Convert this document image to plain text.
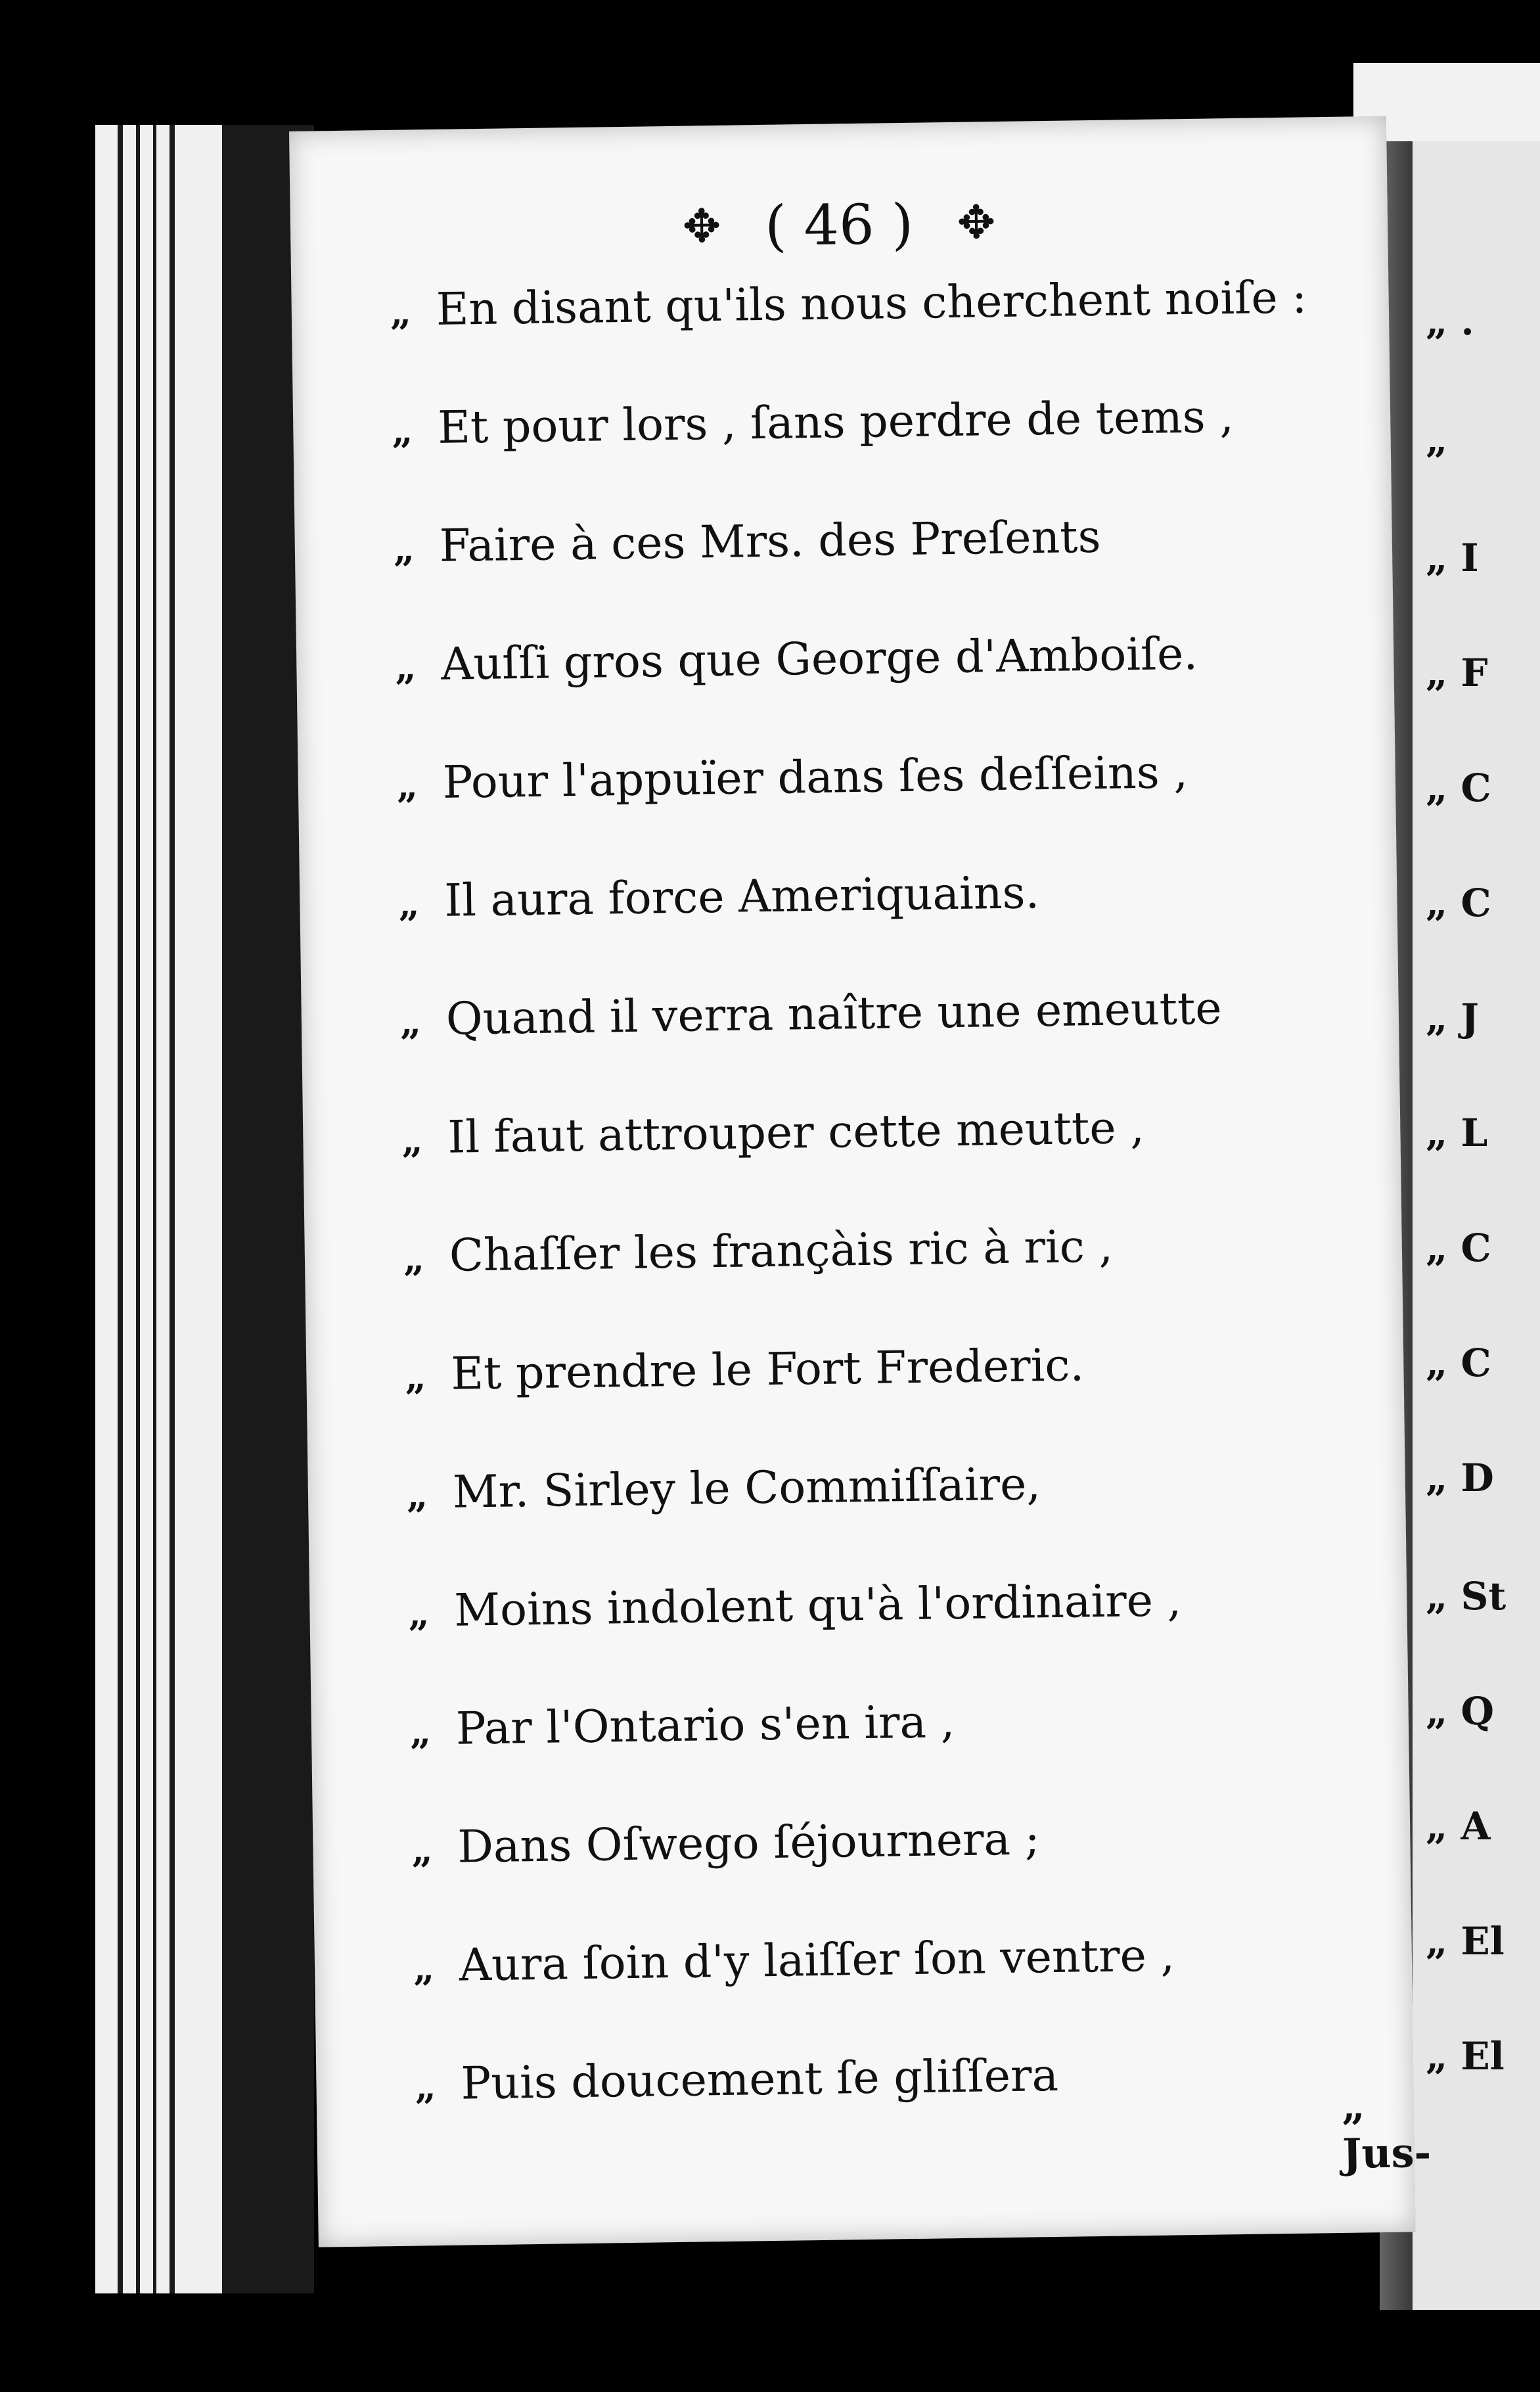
„ .
„
„ I
„ F
„ C
„ C
„ J
„ L
„ C
„ C
„ D
„ St
„ Q
„ A
„ El
„ El
✥ ( 46 ) ✥
„ En disant qu'ils nous cherchent noiſe :
„ Et pour lors , ſans perdre de tems ,
„ Faire à ces Mrs. des Preſents
„ Auſſi gros que George d'Amboiſe.
„ Pour l'appuïer dans ſes deſſeins ,
„ Il aura force Ameriquains.
„ Quand il verra naître une emeutte
„ Il faut attrouper cette meutte ,
„ Chaſſer les françàis ric à ric ,
„ Et prendre le Fort Frederic.
„ Mr. Sirley le Commiſſaire,
„ Moins indolent qu'à l'ordinaire ,
„ Par l'Ontario s'en ira ,
„ Dans Oſwego ſéjournera ;
„ Aura ſoin d'y laiſſer ſon ventre ,
„ Puis doucement ſe gliſſera	„ Jus-
